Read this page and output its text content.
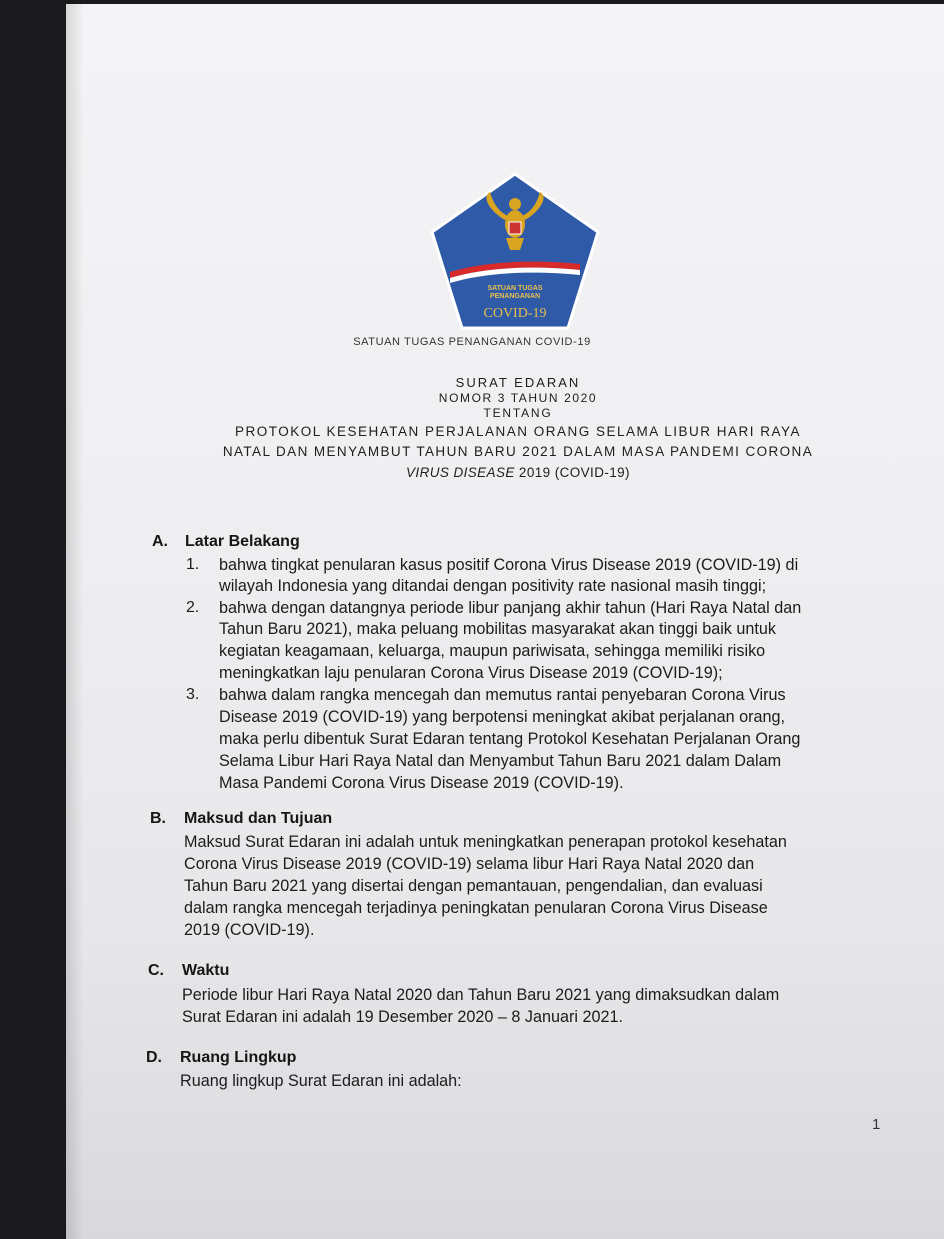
SATUAN TUGAS
PENANGANAN
COVID-19
SATUAN TUGAS PENANGANAN COVID-19
SURAT EDARAN
NOMOR 3 TAHUN 2020
TENTANG
PROTOKOL KESEHATAN PERJALANAN ORANG SELAMA LIBUR HARI RAYA
NATAL DAN MENYAMBUT TAHUN BARU 2021 DALAM MASA PANDEMI CORONA
VIRUS DISEASE 2019 (COVID-19)
A. Latar Belakang
1. bahwa tingkat penularan kasus positif Corona Virus Disease 2019 (COVID-19) di
wilayah Indonesia yang ditandai dengan positivity rate nasional masih tinggi;
2. bahwa dengan datangnya periode libur panjang akhir tahun (Hari Raya Natal dan
Tahun Baru 2021), maka peluang mobilitas masyarakat akan tinggi baik untuk
kegiatan keagamaan, keluarga, maupun pariwisata, sehingga memiliki risiko
meningkatkan laju penularan Corona Virus Disease 2019 (COVID-19);
3. bahwa dalam rangka mencegah dan memutus rantai penyebaran Corona Virus
Disease 2019 (COVID-19) yang berpotensi meningkat akibat perjalanan orang,
maka perlu dibentuk Surat Edaran tentang Protokol Kesehatan Perjalanan Orang
Selama Libur Hari Raya Natal dan Menyambut Tahun Baru 2021 dalam Dalam
Masa Pandemi Corona Virus Disease 2019 (COVID-19).
B. Maksud dan Tujuan
Maksud Surat Edaran ini adalah untuk meningkatkan penerapan protokol kesehatan
Corona Virus Disease 2019 (COVID-19) selama libur Hari Raya Natal 2020 dan
Tahun Baru 2021 yang disertai dengan pemantauan, pengendalian, dan evaluasi
dalam rangka mencegah terjadinya peningkatan penularan Corona Virus Disease
2019 (COVID-19).
C. Waktu
Periode libur Hari Raya Natal 2020 dan Tahun Baru 2021 yang dimaksudkan dalam
Surat Edaran ini adalah 19 Desember 2020 – 8 Januari 2021.
D. Ruang Lingkup
Ruang lingkup Surat Edaran ini adalah:
1
